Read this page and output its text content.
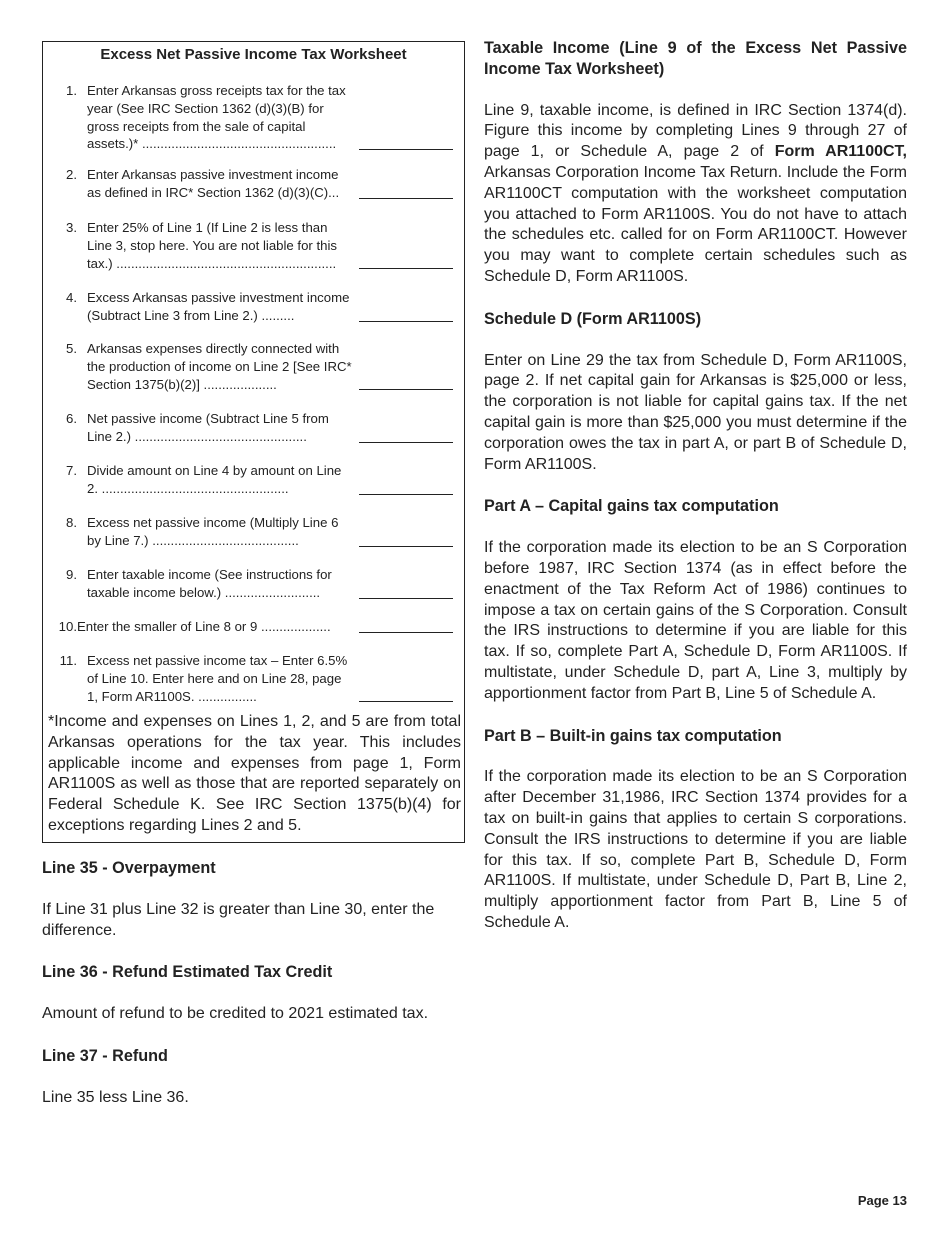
Excess Net Passive Income Tax Worksheet
1. Enter Arkansas gross receipts tax for the tax year (See IRC Section 1362 (d)(3)(B) for gross receipts from the sale of capital assets.)* .....................................................
2. Enter Arkansas passive investment income as defined in IRC* Section 1362 (d)(3)(C)...
3. Enter 25% of Line 1 (If Line 2 is less than Line 3, stop here. You are not liable for this tax.) ............................................................
4. Excess Arkansas passive investment income (Subtract Line 3 from Line 2.) .........
5. Arkansas expenses directly connected with the production of income on Line 2 [See IRC* Section 1375(b)(2)] ....................
6. Net passive income (Subtract Line 5 from Line 2.) ...............................................
7. Divide amount on Line 4 by amount on Line 2. ...................................................
8. Excess net passive income (Multiply Line 6 by Line 7.) ........................................
9. Enter taxable income (See instructions for taxable income below.) ..........................
10. Enter the smaller of Line 8 or 9 ...................
11. Excess net passive income tax – Enter 6.5% of Line 10. Enter here and on Line 28, page 1, Form AR1100S. ................
*Income and expenses on Lines 1, 2, and 5 are from total Arkansas operations for the tax year. This includes applicable income and expenses from page 1, Form AR1100S as well as those that are reported separately on Federal Schedule K. See IRC Section 1375(b)(4) for exceptions regarding Lines 2 and 5.
Line 35 - Overpayment

If Line 31 plus Line 32 is greater than Line 30, enter the difference.

Line 36 - Refund Estimated Tax Credit

Amount of refund to be credited to 2021 estimated tax.

Line 37 - Refund

Line 35 less Line 36.

Taxable Income (Line 9 of the Excess Net Passive Income Tax Worksheet)

Line 9, taxable income, is defined in IRC Section 1374(d). Figure this income by completing Lines 9 through 27 of page 1, or Schedule A, page 2 of Form AR1100CT, Arkansas Corporation Income Tax Return. Include the Form AR1100CT computation with the worksheet computation you attached to Form AR1100S. You do not have to attach the schedules etc. called for on Form AR1100CT. However you may want to complete certain schedules such as Schedule D, Form AR1100S.

Schedule D (Form AR1100S)

Enter on Line 29 the tax from Schedule D, Form AR1100S, page 2. If net capital gain for Arkansas is $25,000 or less, the corporation is not liable for capital gains tax. If the net capital gain is more than $25,000 you must determine if the corporation owes the tax in part A, or part B of Schedule D, Form AR1100S.

Part A – Capital gains tax computation

If the corporation made its election to be an S Corporation before 1987, IRC Section 1374 (as in effect before the enactment of the Tax Reform Act of 1986) continues to impose a tax on certain gains of the S Corporation. Consult the IRS instructions to determine if you are liable for this tax. If so, complete Part A, Schedule D, Form AR1100S. If multistate, under Schedule D, part A, Line 3, multiply by apportionment factor from Part B, Line 5 of Schedule A.

Part B – Built-in gains tax computation

If the corporation made its election to be an S Corporation after December 31,1986, IRC Section 1374 provides for a tax on built-in gains that applies to certain S corporations. Consult the IRS instructions to determine if you are liable for this tax. If so, complete Part B, Schedule D, Form AR1100S. If multistate, under Schedule D, Part B, Line 2, multiply apportionment factor from Part B, Line 5 of Schedule A.

Page 13
